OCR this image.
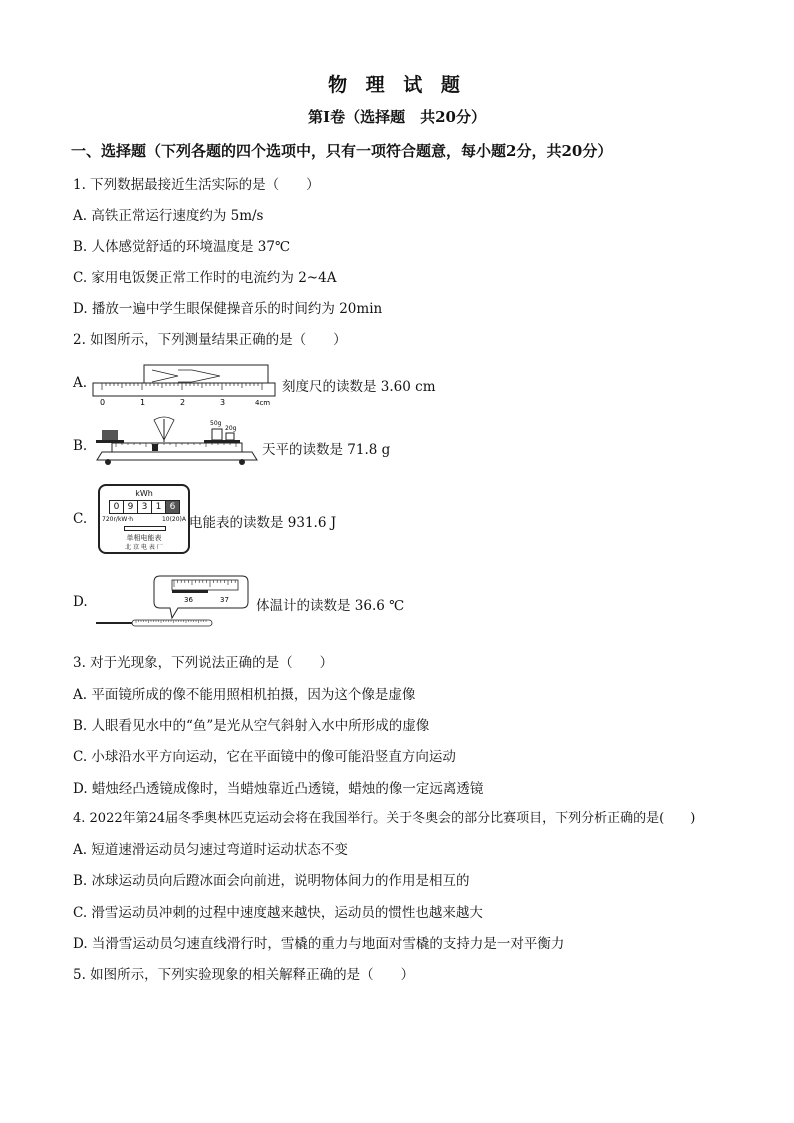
物 理 试 题
第Ⅰ卷（选择题　共20分）
一、选择题（下列各题的四个选项中，只有一项符合题意，每小题2分，共20分）
1. 下列数据最接近生活实际的是（　　）
A. 高铁正常运行速度约为 5m/s
B. 人体感觉舒适的环境温度是 37℃
C. 家用电饭煲正常工作时的电流约为 2~4A
D. 播放一遍中学生眼保健操音乐的时间约为 20min
2. 如图所示，下列测量结果正确的是（　　）
A.
0	1	2	3	4cm
刻度尺的读数是 3.60 cm
B.
50g
20g
天平的读数是 71.8 g
C.
kWh
0 9 3 1 6
720r/kW·h	10(20)A
单相电能表
北 京 电 表 厂
电能表的读数是 931.6 J
D.	36	37 体温计的读数是 36.6 ℃
3. 对于光现象，下列说法正确的是（　　）
A. 平面镜所成的像不能用照相机拍摄，因为这个像是虚像
B. 人眼看见水中的“鱼”是光从空气斜射入水中所形成的虚像
C. 小球沿水平方向运动，它在平面镜中的像可能沿竖直方向运动
D. 蜡烛经凸透镜成像时，当蜡烛靠近凸透镜，蜡烛的像一定远离透镜
4. 2022年第24届冬季奥林匹克运动会将在我国举行。关于冬奥会的部分比赛项目，下列分析正确的是(　　)
A. 短道速滑运动员匀速过弯道时运动状态不变
B. 冰球运动员向后蹬冰面会向前进，说明物体间力的作用是相互的
C. 滑雪运动员冲刺的过程中速度越来越快，运动员的惯性也越来越大
D. 当滑雪运动员匀速直线滑行时，雪橇的重力与地面对雪橇的支持力是一对平衡力
5. 如图所示，下列实验现象的相关解释正确的是（　　）
